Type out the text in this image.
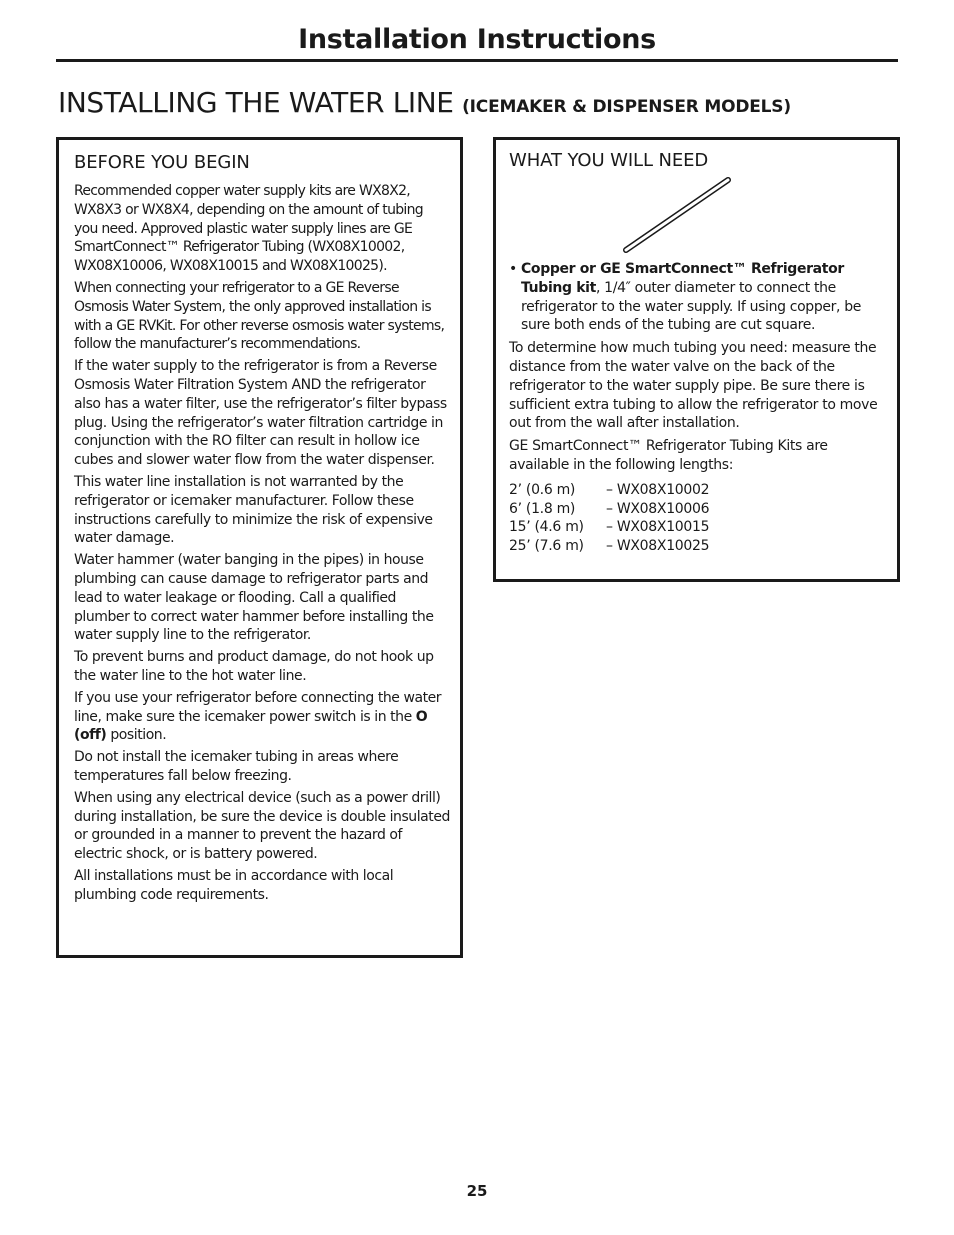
Installation Instructions
INSTALLING THE WATER LINE (ICEMAKER & DISPENSER MODELS)
BEFORE YOU BEGIN

Recommended copper water supply kits are WX8X2, WX8X3 or WX8X4, depending on the amount of tubing you need. Approved plastic water supply lines are GE SmartConnect™ Refrigerator Tubing (WX08X10002, WX08X10006, WX08X10015 and WX08X10025).

When connecting your refrigerator to a GE Reverse Osmosis Water System, the only approved installation is with a GE RVKit. For other reverse osmosis water systems, follow the manufacturer’s recommendations.

If the water supply to the refrigerator is from a Reverse Osmosis Water Filtration System AND the refrigerator also has a water filter, use the refrigerator’s filter bypass plug. Using the refrigerator’s water filtration cartridge in conjunction with the RO filter can result in hollow ice cubes and slower water flow from the water dispenser.

This water line installation is not warranted by the refrigerator or icemaker manufacturer. Follow these instructions carefully to minimize the risk of expensive water damage.

Water hammer (water banging in the pipes) in house plumbing can cause damage to refrigerator parts and lead to water leakage or flooding. Call a qualified plumber to correct water hammer before installing the water supply line to the refrigerator.

To prevent burns and product damage, do not hook up the water line to the hot water line.

If you use your refrigerator before connecting the water line, make sure the icemaker power switch is in the O (off) position.

Do not install the icemaker tubing in areas where temperatures fall below freezing.

When using any electrical device (such as a power drill) during installation, be sure the device is double insulated or grounded in a manner to prevent the hazard of electric shock, or is battery powered.

All installations must be in accordance with local plumbing code requirements.

WHAT YOU WILL NEED

• Copper or GE SmartConnect™ Refrigerator Tubing kit, 1/4″ outer diameter to connect the refrigerator to the water supply. If using copper, be sure both ends of the tubing are cut square.

To determine how much tubing you need: measure the distance from the water valve on the back of the refrigerator to the water supply pipe. Be sure there is sufficient extra tubing to allow the refrigerator to move out from the wall after installation.

GE SmartConnect™ Refrigerator Tubing Kits are available in the following lengths:

2’ (0.6 m) – WX08X10002
6’ (1.8 m) – WX08X10006
15’ (4.6 m) – WX08X10015
25’ (7.6 m) – WX08X10025
25
